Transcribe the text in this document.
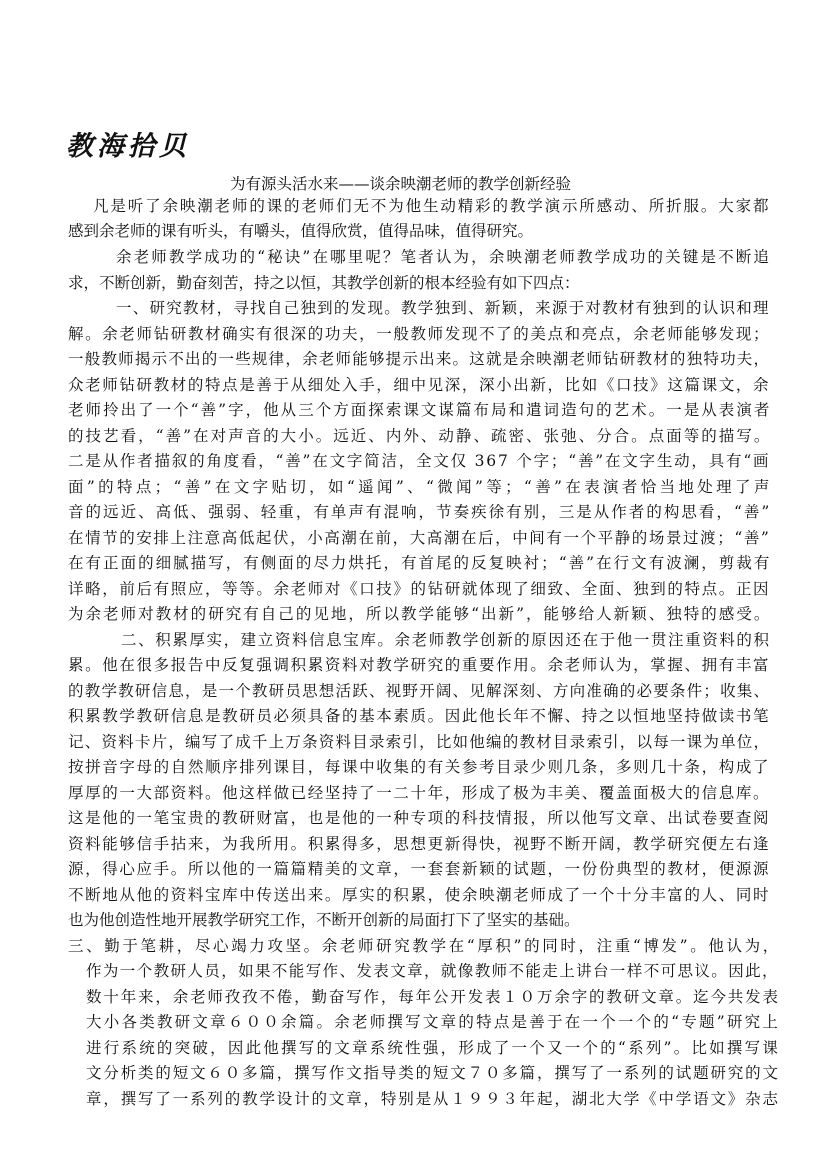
教海拾贝
为有源头活水来——谈余映潮老师的教学创新经验
凡是听了余映潮老师的课的老师们无不为他生动精彩的教学演示所感动、所折服。大家都
感到余老师的课有听头，有嚼头，值得欣赏，值得品味，值得研究。
余老师教学成功的“秘诀”在哪里呢？笔者认为，余映潮老师教学成功的关键是不断追
求，不断创新，勤奋刻苦，持之以恒，其教学创新的根本经验有如下四点：
一、研究教材，寻找自己独到的发现。教学独到、新颖，来源于对教材有独到的认识和理
解。余老师钻研教材确实有很深的功夫，一般教师发现不了的美点和亮点，余老师能够发现；
一般教师揭示不出的一些规律，余老师能够提示出来。这就是余映潮老师钻研教材的独特功夫，
众老师钻研教材的特点是善于从细处入手，细中见深，深小出新，比如《口技》这篇课文，余
老师拎出了一个“善”字，他从三个方面探索课文谋篇布局和遣词造句的艺术。一是从表演者
的技艺看，“善”在对声音的大小。远近、内外、动静、疏密、张弛、分合。点面等的描写。
二是从作者描叙的角度看，“善”在文字简洁，全文仅 367 个字；“善”在文字生动，具有“画
面”的特点；“善”在文字贴切，如“遥闻”、“微闻”等；“善”在表演者恰当地处理了声
音的远近、高低、强弱、轻重，有单声有混响，节奏疾徐有别，三是从作者的构思看，“善”
在情节的安排上注意高低起伏，小高潮在前，大高潮在后，中间有一个平静的场景过渡；“善”
在有正面的细腻描写，有侧面的尽力烘托，有首尾的反复映衬；“善”在行文有波澜，剪裁有
详略，前后有照应，等等。余老师对《口技》的钻研就体现了细致、全面、独到的特点。正因
为余老师对教材的研究有自己的见地，所以教学能够“出新”，能够给人新颖、独特的感受。
二、积累厚实，建立资料信息宝库。余老师教学创新的原因还在于他一贯注重资料的积
累。他在很多报告中反复强调积累资料对教学研究的重要作用。余老师认为，掌握、拥有丰富
的教学教研信息，是一个教研员思想活跃、视野开阔、见解深刻、方向准确的必要条件；收集、
积累教学教研信息是教研员必须具备的基本素质。因此他长年不懈、持之以恒地坚持做读书笔
记、资料卡片，编写了成千上万条资料目录索引，比如他编的教材目录索引，以每一课为单位，
按拼音字母的自然顺序排列课目，每课中收集的有关参考目录少则几条，多则几十条，构成了
厚厚的一大部资料。他这样做已经坚持了一二十年，形成了极为丰美、覆盖面极大的信息库。
这是他的一笔宝贵的教研财富，也是他的一种专项的科技情报，所以他写文章、出试卷要查阅
资料能够信手拈来，为我所用。积累得多，思想更新得快，视野不断开阔，教学研究便左右逢
源，得心应手。所以他的一篇篇精美的文章，一套套新颖的试题，一份份典型的教材，便源源
不断地从他的资料宝库中传送出来。厚实的积累，使余映潮老师成了一个十分丰富的人、同时
也为他创造性地开展教学研究工作，不断开创新的局面打下了坚实的基础。
三、勤于笔耕，尽心竭力攻坚。余老师研究教学在“厚积”的同时，注重“博发”。他认为，
作为一个教研人员，如果不能写作、发表文章，就像教师不能走上讲台一样不可思议。因此，
数十年来，余老师孜孜不倦，勤奋写作，每年公开发表１０万余字的教研文章。迄今共发表
大小各类教研文章６００余篇。余老师撰写文章的特点是善于在一个一个的“专题”研究上
进行系统的突破，因此他撰写的文章系统性强，形成了一个又一个的“系列”。比如撰写课
文分析类的短文６０多篇，撰写作文指导类的短文７０多篇，撰写了一系列的试题研究的文
章，撰写了一系列的教学设计的文章，特别是从１９９３年起，湖北大学《中学语文》杂志
